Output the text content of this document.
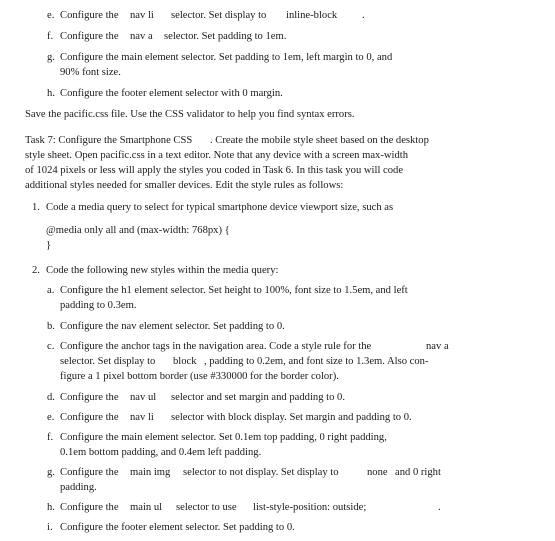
e. Configure the nav li selector. Set display to inline-block .
f. Configure the nav a selector. Set padding to 1em.
g. Configure the main element selector. Set padding to 1em, left margin to 0, and
90% font size.
h. Configure the footer element selector with 0 margin.
Save the pacific.css file. Use the CSS validator to help you find syntax errors.
Task 7: Configure the Smartphone CSS . Create the mobile style sheet based on the desktop
style sheet. Open pacific.css in a text editor. Note that any device with a screen max-width
of 1024 pixels or less will apply the styles you coded in Task 6. In this task you will code
additional styles needed for smaller devices. Edit the style rules as follows:
1. Code a media query to select for typical smartphone device viewport size, such as
@media only all and (max-width: 768px) {
}
2. Code the following new styles within the media query:
a. Configure the h1 element selector. Set height to 100%, font size to 1.5em, and left
padding to 0.3em.
b. Configure the nav element selector. Set padding to 0.
c. Configure the anchor tags in the navigation area. Code a style rule for the	nav a
selector. Set display to block , padding to 0.2em, and font size to 1.3em. Also con-
figure a 1 pixel bottom border (use #330000 for the border color).
d. Configure the nav ul selector and set margin and padding to 0.
e. Configure the nav li selector with block display. Set margin and padding to 0.
f. Configure the main element selector. Set 0.1em top padding, 0 right padding,
0.1em bottom padding, and 0.4em left padding.
g. Configure the main img selector to not display. Set display to	none and 0 right
padding.
h. Configure the main ul selector to use list-style-position: outside;	.
i. Configure the footer element selector. Set padding to 0.
